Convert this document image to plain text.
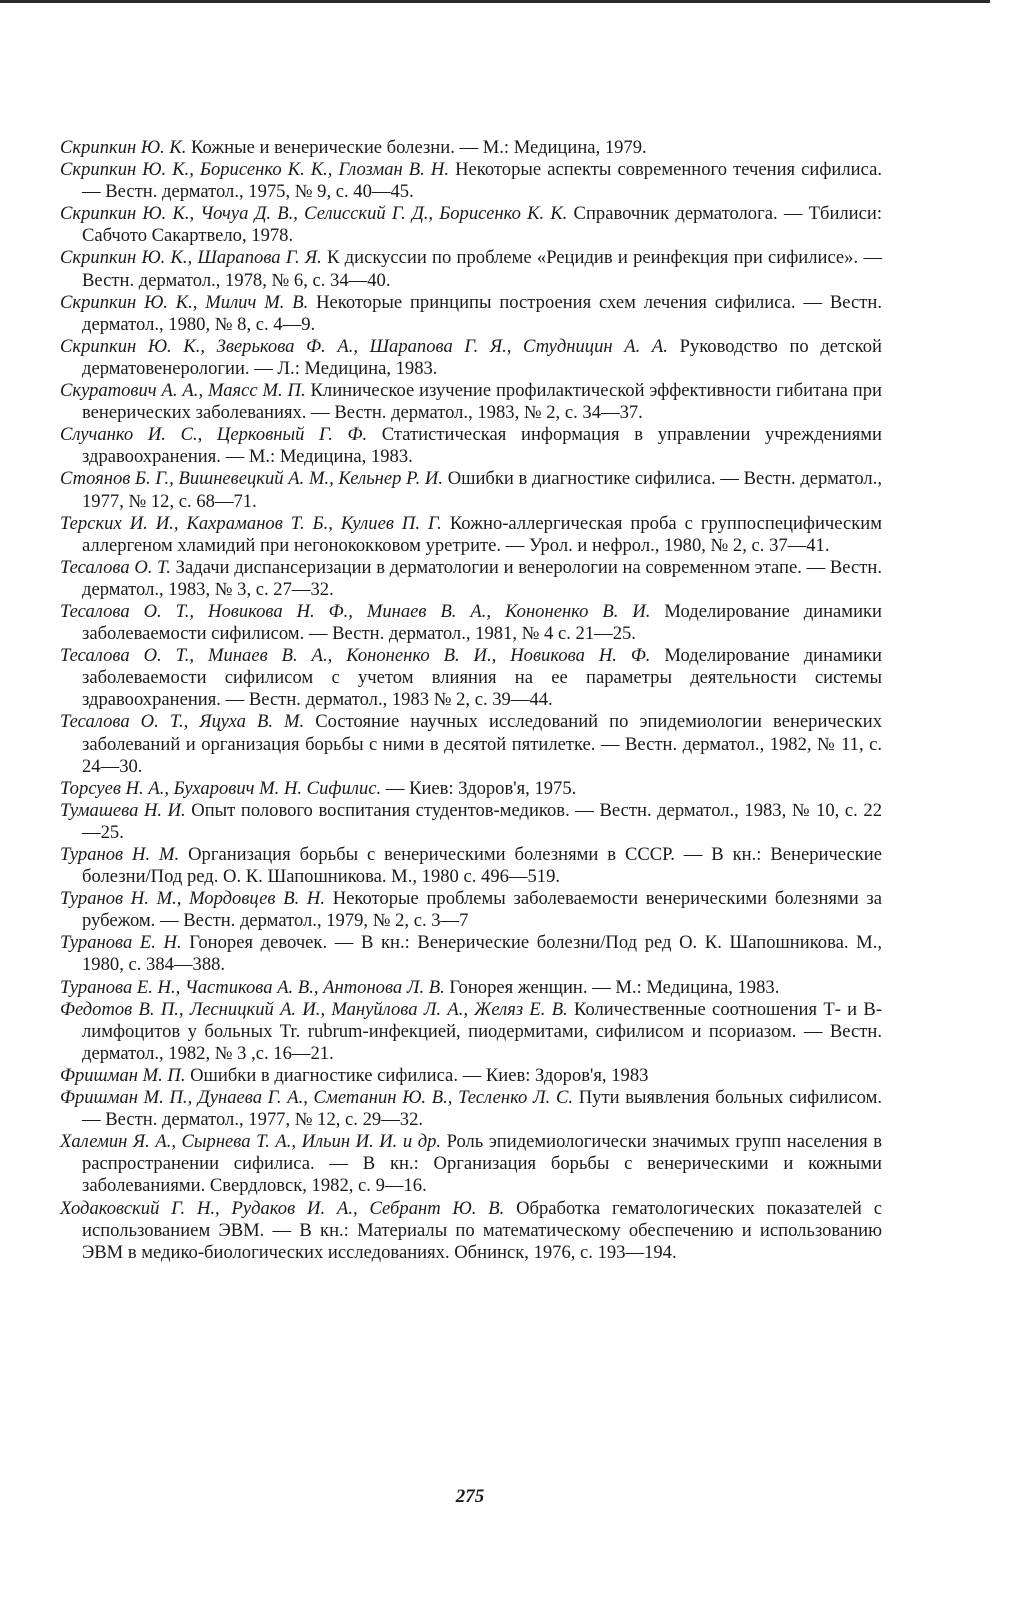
Скрипкин Ю. К. Кожные и венерические болезни. — М.: Медицина, 1979.

Скрипкин Ю. К., Борисенко К. К., Глозман В. Н. Некоторые аспекты современного течения сифилиса. — Вестн. дерматол., 1975, № 9, с. 40—45.

Скрипкин Ю. К., Чочуа Д. В., Селисский Г. Д., Борисенко К. К. Справочник дерматолога. — Тбилиси: Сабчото Сакартвело, 1978.

Скрипкин Ю. К., Шарапова Г. Я. К дискуссии по проблеме «Рецидив и реинфекция при сифилисе». — Вестн. дерматол., 1978, № 6, с. 34—40.

Скрипкин Ю. К., Милич М. В. Некоторые принципы построения схем лечения сифилиса. — Вестн. дерматол., 1980, № 8, с. 4—9.

Скрипкин Ю. К., Зверькова Ф. А., Шарапова Г. Я., Студницин А. А. Руководство по детской дерматовенерологии. — Л.: Медицина, 1983.

Скуратович А. А., Маясс М. П. Клиническое изучение профилактической эффективности гибитана при венерических заболеваниях. — Вестн. дерматол., 1983, № 2, с. 34—37.

Случанко И. С., Церковный Г. Ф. Статистическая информация в управлении учреждениями здравоохранения. — М.: Медицина, 1983.

Стоянов Б. Г., Вишневецкий А. М., Кельнер Р. И. Ошибки в диагностике сифилиса. — Вестн. дерматол., 1977, № 12, с. 68—71.

Терских И. И., Кахраманов Т. Б., Кулиев П. Г. Кожно-аллергическая проба с группоспецифическим аллергеном хламидий при негонококковом уретрите. — Урол. и нефрол., 1980, № 2, с. 37—41.

Тесалова О. Т. Задачи диспансеризации в дерматологии и венерологии на современном этапе. — Вестн. дерматол., 1983, № 3, с. 27—32.

Тесалова О. Т., Новикова Н. Ф., Минаев В. А., Кононенко В. И. Моделирование динамики заболеваемости сифилисом. — Вестн. дерматол., 1981, № 4 с. 21—25.

Тесалова О. Т., Минаев В. А., Кононенко В. И., Новикова Н. Ф. Моделирование динамики заболеваемости сифилисом с учетом влияния на ее параметры деятельности системы здравоохранения. — Вестн. дерматол., 1983 № 2, с. 39—44.

Тесалова О. Т., Яцуха В. М. Состояние научных исследований по эпидемиологии венерических заболеваний и организация борьбы с ними в десятой пятилетке. — Вестн. дерматол., 1982, № 11, с. 24—30.

Торсуев Н. А., Бухарович М. Н. Сифилис. — Киев: Здоров'я, 1975.

Тумашева Н. И. Опыт полового воспитания студентов-медиков. — Вестн. дерматол., 1983, № 10, с. 22—25.

Туранов Н. М. Организация борьбы с венерическими болезнями в СССР. — В кн.: Венерические болезни/Под ред. О. К. Шапошникова. М., 1980 с. 496—519.

Туранов Н. М., Мордовцев В. Н. Некоторые проблемы заболеваемости венерическими болезнями за рубежом. — Вестн. дерматол., 1979, № 2, с. 3—7

Туранова Е. Н. Гонорея девочек. — В кн.: Венерические болезни/Под ред О. К. Шапошникова. М., 1980, с. 384—388.

Туранова Е. Н., Частикова А. В., Антонова Л. В. Гонорея женщин. — М.: Медицина, 1983.

Федотов В. П., Лесницкий А. И., Мануйлова Л. А., Желяз Е. В. Количественные соотношения Т- и В-лимфоцитов у больных Tr. rubrum-инфекцией, пиодермитами, сифилисом и псориазом. — Вестн. дерматол., 1982, № 3 ,с. 16—21.

Фришман М. П. Ошибки в диагностике сифилиса. — Киев: Здоров'я, 1983

Фришман М. П., Дунаева Г. А., Сметанин Ю. В., Тесленко Л. С. Пути выявления больных сифилисом. — Вестн. дерматол., 1977, № 12, с. 29—32.

Халемин Я. А., Сырнева Т. А., Ильин И. И. и др. Роль эпидемиологически значимых групп населения в распространении сифилиса. — В кн.: Организация борьбы с венерическими и кожными заболеваниями. Свердловск, 1982, с. 9—16.

Ходаковский Г. Н., Рудаков И. А., Себрант Ю. В. Обработка гематологических показателей с использованием ЭВМ. — В кн.: Материалы по математическому обеспечению и использованию ЭВМ в медико-биологических исследованиях. Обнинск, 1976, с. 193—194.

275
